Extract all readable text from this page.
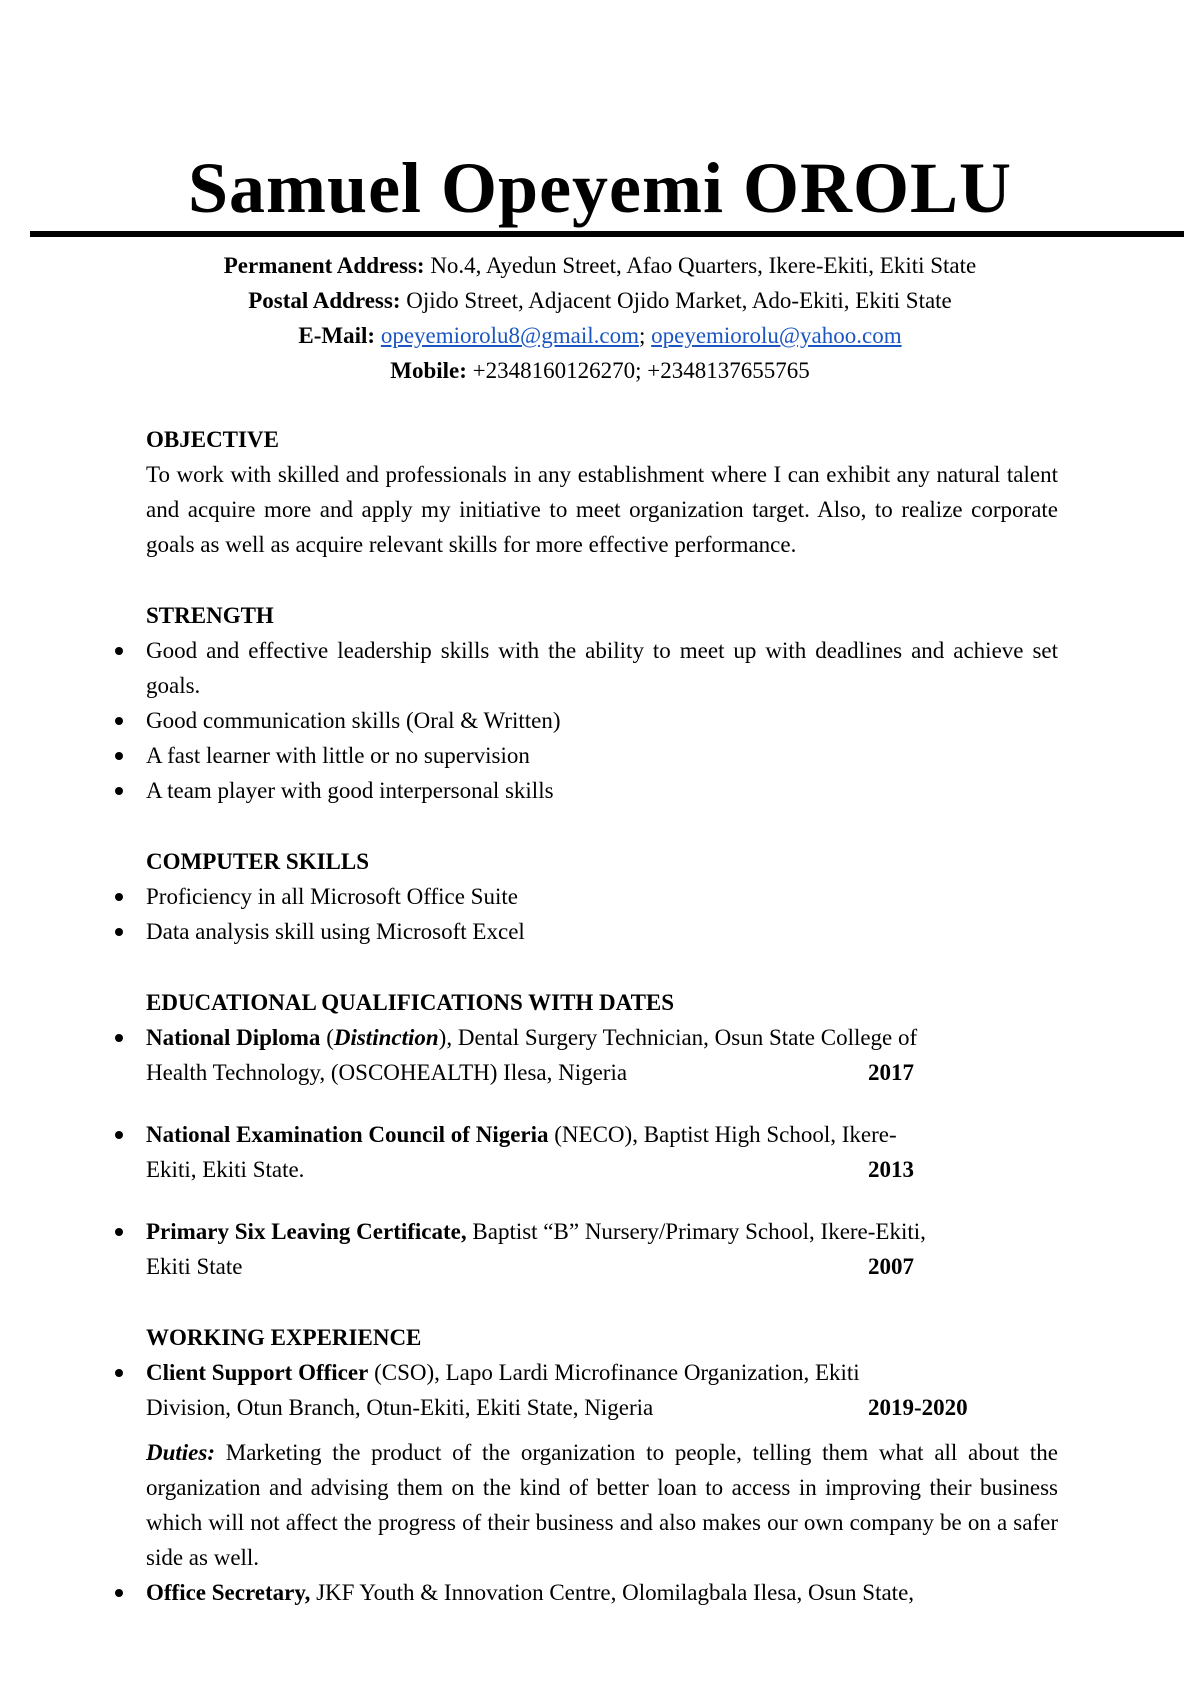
Samuel Opeyemi OROLU
Permanent Address: No.4, Ayedun Street, Afao Quarters, Ikere-Ekiti, Ekiti State
Postal Address: Ojido Street, Adjacent Ojido Market, Ado-Ekiti, Ekiti State
E-Mail: opeyemiorolu8@gmail.com; opeyemiorolu@yahoo.com
Mobile: +2348160126270; +2348137655765
OBJECTIVE
To work with skilled and professionals in any establishment where I can exhibit any natural talent and acquire more and apply my initiative to meet organization target. Also, to realize corporate goals as well as acquire relevant skills for more effective performance.
STRENGTH
Good and effective leadership skills with the ability to meet up with deadlines and achieve set goals.
Good communication skills (Oral & Written)
A fast learner with little or no supervision
A team player with good interpersonal skills
COMPUTER SKILLS
Proficiency in all Microsoft Office Suite
Data analysis skill using Microsoft Excel
EDUCATIONAL QUALIFICATIONS WITH DATES
National Diploma (Distinction), Dental Surgery Technician, Osun State College of
Health Technology, (OSCOHEALTH) Ilesa, Nigeria	2017
National Examination Council of Nigeria (NECO), Baptist High School, Ikere-
Ekiti, Ekiti State.	2013
Primary Six Leaving Certificate, Baptist “B” Nursery/Primary School, Ikere-Ekiti,
Ekiti State	2007
WORKING EXPERIENCE
Client Support Officer (CSO), Lapo Lardi Microfinance Organization, Ekiti
Division, Otun Branch, Otun-Ekiti, Ekiti State, Nigeria	2019-2020
Duties: Marketing the product of the organization to people, telling them what all about the organization and advising them on the kind of better loan to access in improving their business which will not affect the progress of their business and also makes our own company be on a safer side as well.
Office Secretary, JKF Youth & Innovation Centre, Olomilagbala Ilesa, Osun State,
